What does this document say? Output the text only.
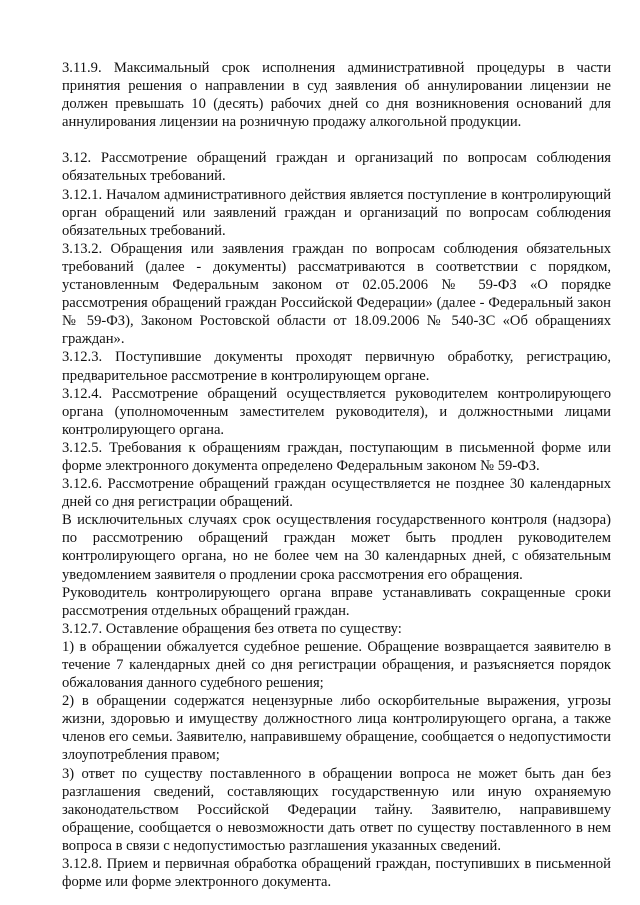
3.11.9. Максимальный срок исполнения административной процедуры в части принятия решения о направлении в суд заявления об аннулировании лицензии не должен превышать 10 (десять) рабочих дней со дня возникновения оснований для аннулирования лицензии на розничную продажу алкогольной продукции.

3.12. Рассмотрение обращений граждан и организаций по вопросам соблюдения обязательных требований.

3.12.1. Началом административного действия является поступление в контролирующий орган обращений или заявлений граждан и организаций по вопросам соблюдения обязательных требований.

3.13.2. Обращения или заявления граждан по вопросам соблюдения обязательных требований (далее - документы) рассматриваются в соответствии с порядком, установленным Федеральным законом от 02.05.2006 № 59-ФЗ «О порядке рассмотрения обращений граждан Российской Федерации» (далее - Федеральный закон № 59-ФЗ), Законом Ростовской области от 18.09.2006 № 540-ЗС «Об обращениях граждан».

3.12.3. Поступившие документы проходят первичную обработку, регистрацию, предварительное рассмотрение в контролирующем органе.

3.12.4. Рассмотрение обращений осуществляется руководителем контролирующего органа (уполномоченным заместителем руководителя), и должностными лицами контролирующего органа.

3.12.5. Требования к обращениям граждан, поступающим в письменной форме или форме электронного документа определено Федеральным законом № 59-ФЗ.

3.12.6. Рассмотрение обращений граждан осуществляется не позднее 30 календарных дней со дня регистрации обращений.

В исключительных случаях срок осуществления государственного контроля (надзора) по рассмотрению обращений граждан может быть продлен руководителем контролирующего органа, но не более чем на 30 календарных дней, с обязательным уведомлением заявителя о продлении срока рассмотрения его обращения.

Руководитель контролирующего органа вправе устанавливать сокращенные сроки рассмотрения отдельных обращений граждан.

3.12.7. Оставление обращения без ответа по существу:

1) в обращении обжалуется судебное решение. Обращение возвращается заявителю в течение 7 календарных дней со дня регистрации обращения, и разъясняется порядок обжалования данного судебного решения;

2) в обращении содержатся нецензурные либо оскорбительные выражения, угрозы жизни, здоровью и имуществу должностного лица контролирующего органа, а также членов его семьи. Заявителю, направившему обращение, сообщается о недопустимости злоупотребления правом;

3) ответ по существу поставленного в обращении вопроса не может быть дан без разглашения сведений, составляющих государственную или иную охраняемую законодательством Российской Федерации тайну. Заявителю, направившему обращение, сообщается о невозможности дать ответ по существу поставленного в нем вопроса в связи с недопустимостью разглашения указанных сведений.

3.12.8. Прием и первичная обработка обращений граждан, поступивших в письменной форме или форме электронного документа.
